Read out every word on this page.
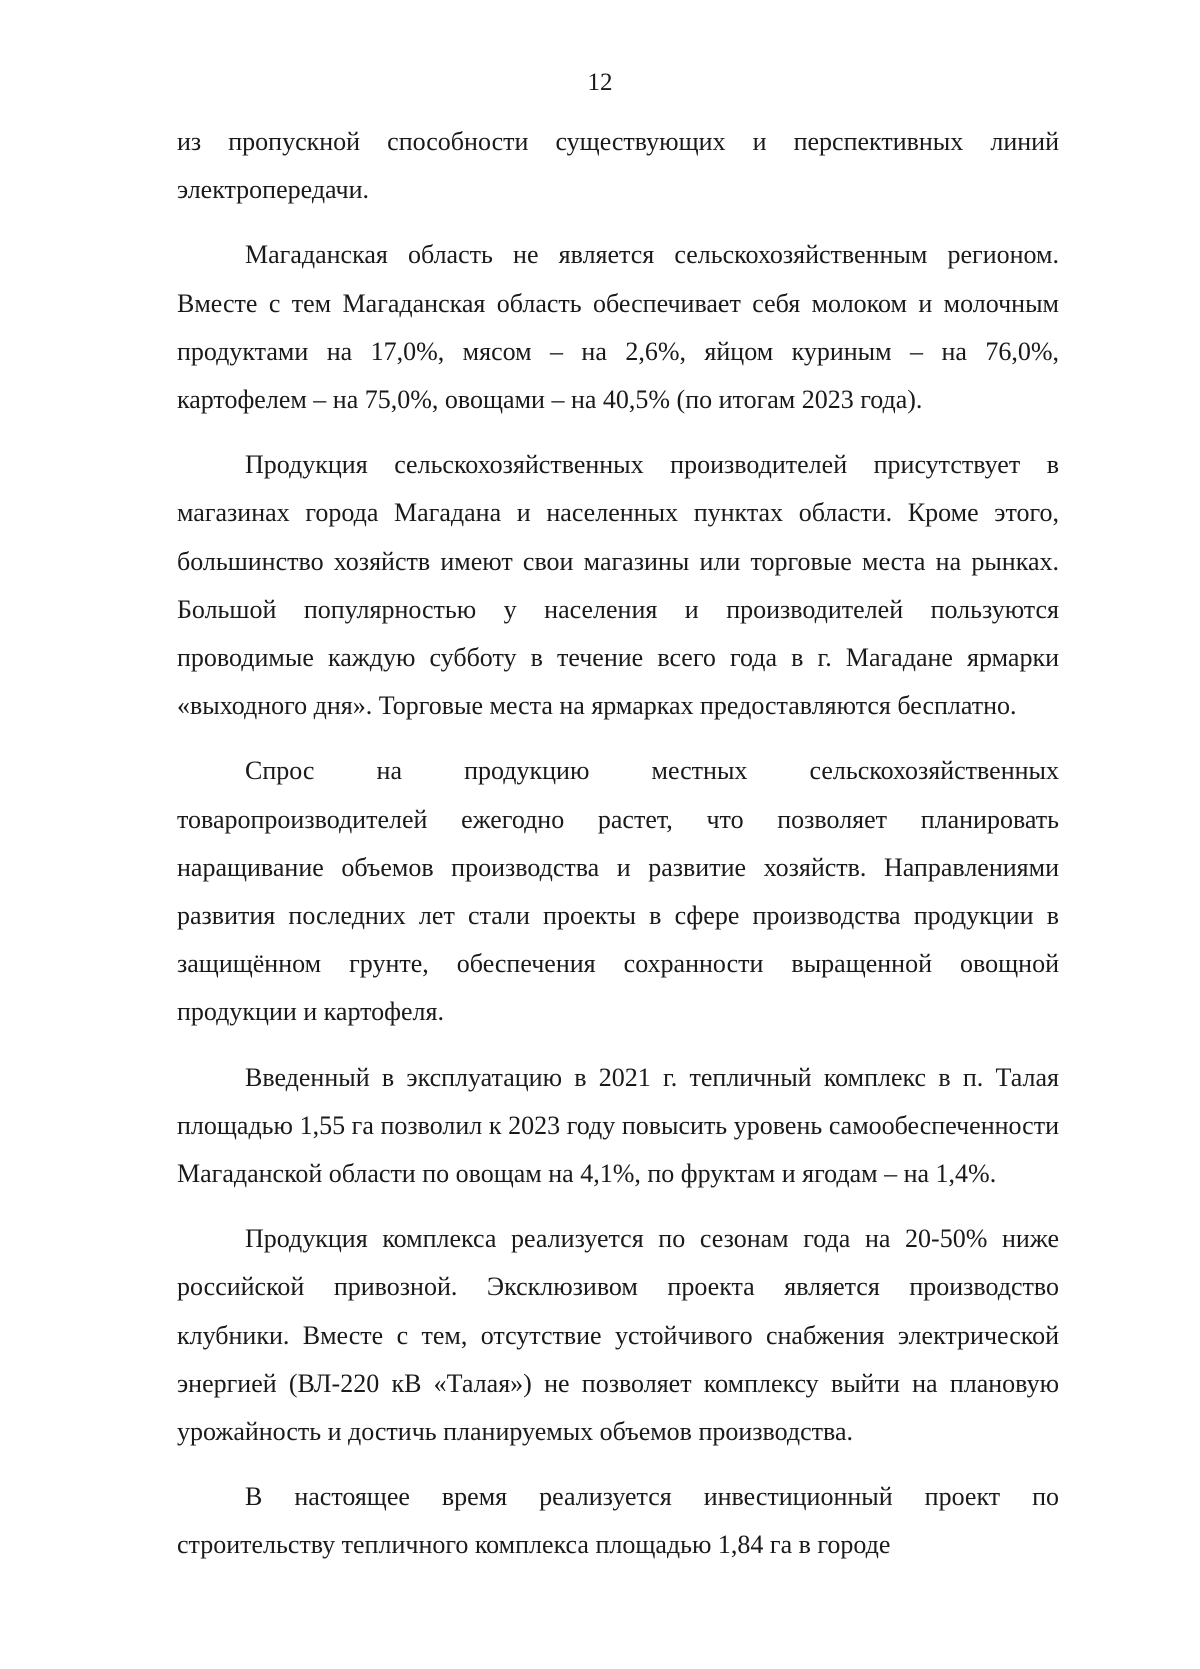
12

из пропускной способности существующих и перспективных линий электропередачи.

Магаданская область не является сельскохозяйственным регионом. Вместе с тем Магаданская область обеспечивает себя молоком и молочным продуктами на 17,0%, мясом – на 2,6%, яйцом куриным – на 76,0%, картофелем – на 75,0%, овощами – на 40,5% (по итогам 2023 года).

Продукция сельскохозяйственных производителей присутствует в магазинах города Магадана и населенных пунктах области. Кроме этого, большинство хозяйств имеют свои магазины или торговые места на рынках. Большой популярностью у населения и производителей пользуются проводимые каждую субботу в течение всего года в г. Магадане ярмарки «выходного дня». Торговые места на ярмарках предоставляются бесплатно.

Спрос на продукцию местных сельскохозяйственных товаропроизводителей ежегодно растет, что позволяет планировать наращивание объемов производства и развитие хозяйств. Направлениями развития последних лет стали проекты в сфере производства продукции в защищённом грунте, обеспечения сохранности выращенной овощной продукции и картофеля.

Введенный в эксплуатацию в 2021 г. тепличный комплекс в п. Талая площадью 1,55 га позволил к 2023 году повысить уровень самообеспеченности Магаданской области по овощам на 4,1%, по фруктам и ягодам – на 1,4%.

Продукция комплекса реализуется по сезонам года на 20-50% ниже российской привозной. Эксклюзивом проекта является производство клубники. Вместе с тем, отсутствие устойчивого снабжения электрической энергией (ВЛ-220 кВ «Талая») не позволяет комплексу выйти на плановую урожайность и достичь планируемых объемов производства.

В настоящее время реализуется инвестиционный проект по строительству тепличного комплекса площадью 1,84 га в городе
